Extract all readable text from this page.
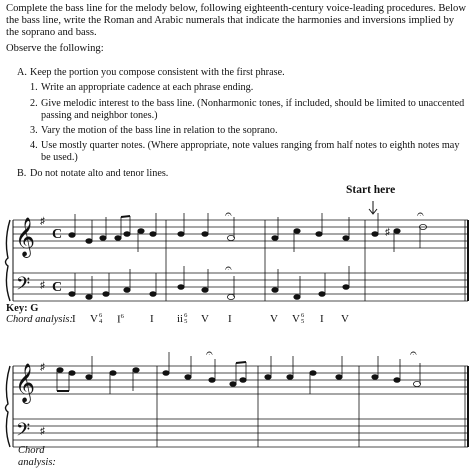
Complete the bass line for the melody below, following eighteenth-century voice-leading procedures. Below the bass line, write the Roman and Arabic numerals that indicate the harmonies and inversions implied by the soprano and bass.

Observe the following:

A. Keep the portion you compose consistent with the first phrase.

1. Write an appropriate cadence at each phrase ending.

2. Give melodic interest to the bass line. (Nonharmonic tones, if included, should be limited to unaccented passing and neighbor tones.)

3. Vary the motion of the bass line in relation to the soprano.

4. Use mostly quarter notes. (Where appropriate, note values ranging from half notes to eighth notes may be used.)

B. Do not notate alto and tenor lines.

Start here

𝄞
𝄢
𝄞
𝄢
♯
♯
♯
♯
C
C
♯
𝄐	𝄐
𝄐
𝄐	𝄐

Key: G

Chord analysis: I V6
4 $I^6$ I ii6
5 V I	V V6
5 I V

Chord
analysis:
